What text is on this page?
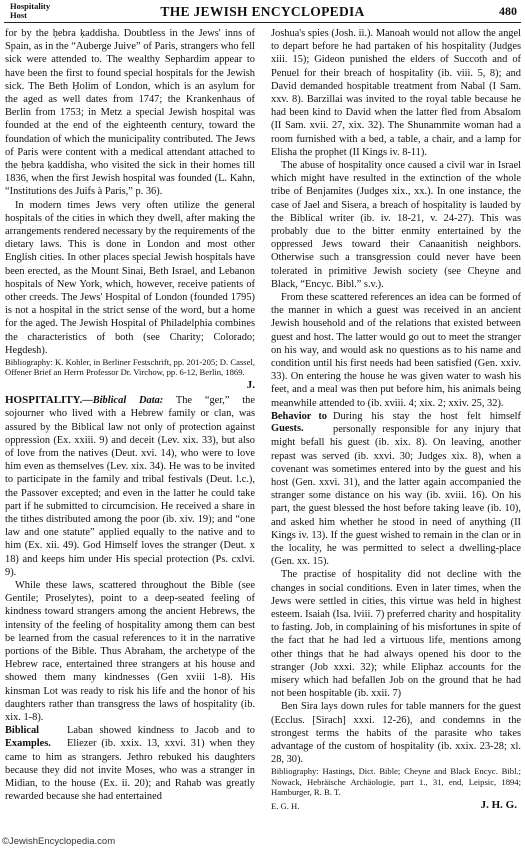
Hospitality Host	THE JEWISH ENCYCLOPEDIA	480

for by the ḥebra ḳaddisha. Doubtless in the Jews' inns of Spain, as in the “Auberge Juive” of Paris, strangers who fell sick were attended to. The wealthy Sephardim appear to have been the first to found special hospitals for the Jewish sick. The Beth Ḥolim of London, which is an asylum for the aged as well dates from 1747; the Krankenhaus of Berlin from 1753; in Metz a special Jewish hospital was founded at the end of the eighteenth century, toward the foundation of which the municipality contributed. The Jews of Paris were content with a medical attendant attached to the ḥebra ḳaddisha, who visited the sick in their homes till 1836, when the first Jewish hospital was founded (L. Kahn, “Institutions des Juifs à Paris,” p. 36).

In modern times Jews very often utilize the general hospitals of the cities in which they dwell, after making the arrangements rendered necessary by the requirements of the dietary laws. This is done in London and most other English cities. In other places special Jewish hospitals have been erected, as the Mount Sinai, Beth Israel, and Lebanon hospitals of New York, which, however, receive patients of other creeds. The Jews' Hospital of London (founded 1795) is not a hospital in the strict sense of the word, but a home for the aged. The Jewish Hospital of Philadelphia combines the characteristics of both (see Charity; Colorado; Hegdesh).

Bibliography: K. Kohler, in Berliner Festschrift, pp. 201-205; D. Cassel, Offener Brief an Herrn Professor Dr. Virchow, pp. 6-12, Berlin, 1869.

J.

HOSPITALITY.—Biblical Data: The “ger,” the sojourner who lived with a Hebrew family or clan, was assured by the Biblical law not only of protection against oppression (Ex. xxiii. 9) and deceit (Lev. xix. 33), but also of love from the natives (Deut. xvi. 14), who were to love him even as themselves (Lev. xix. 34). He was to be invited to participate in the family and tribal festivals (Deut. l.c.), the Passover excepted; and even in the latter he could take part if he submitted to circumcision. He received a share in the tithes distributed among the poor (ib. xiv. 19); and “one law and one statute” applied equally to the native and to him (Ex. xii. 49). God Himself loves the stranger (Deut. x 18) and keeps him under His special protection (Ps. cxlvi. 9).

While these laws, scattered throughout the Bible (see Gentile; Proselytes), point to a deep-seated feeling of kindness toward strangers among the ancient Hebrews, the intensity of the feeling of hospitality among them can best be learned from the casual references to it in the narrative portions of the Bible. Thus Abraham, the archetype of the Hebrew race, entertained three strangers at his house and showed them many kindnesses (Gen xviii 1-8). His kinsman Lot was ready to risk his life and the honor of his daughters rather than transgress the laws of hospitality (ib. xix. 1-8).

Biblical Examples.
Laban showed kindness to Jacob and to Eliezer (ib. xxix. 13, xxvi. 31) when they came to him as strangers. Jethro rebuked his daughters because they did not invite Moses, who was a stranger in Midian, to the house (Ex. ii. 20); and Rahab was greatly rewarded because she had entertained

Joshua's spies (Josh. ii.). Manoah would not allow the angel to depart before he had partaken of his hospitality (Judges xiii. 15); Gideon punished the elders of Succoth and of Penuel for their breach of hospitality (ib. viii. 5, 8); and David demanded hospitable treatment from Nabal (I Sam. xxv. 8). Barzillai was invited to the royal table because he had been kind to David when the latter fled from Absalom (II Sam. xvii. 27, xix. 32). The Shunammite woman had a room furnished with a bed, a table, a chair, and a lamp for Elisha the prophet (II Kings iv. 8-11).

The abuse of hospitality once caused a civil war in Israel which might have resulted in the extinction of the whole tribe of Benjamites (Judges xix., xx.). In one instance, the case of Jael and Sisera, a breach of hospitality is lauded by the Biblical writer (ib. iv. 18-21, v. 24-27). This was probably due to the bitter enmity entertained by the oppressed Jews toward their Canaanitish neighbors. Otherwise such a transgression could never have been tolerated in primitive Jewish society (see Cheyne and Black, “Encyc. Bibl.” s.v.).

From these scattered references an idea can be formed of the manner in which a guest was received in an ancient Jewish household and of the relations that existed between guest and host. The latter would go out to meet the stranger on his way, and would ask no questions as to his name and condition until his first needs had been satisfied (Gen. xxiv. 33). On entering the house he was given water to wash his feet, and a meal was then put before him, his animals being meanwhile attended to (ib. xviii. 4; xix. 2; xxiv. 25, 32).

Behavior to Guests.
During his stay the host felt himself personally responsible for any injury that might befall his guest (ib. xix. 8). On leaving, another repast was served (ib. xxvi. 30; Judges xix. 8), when a covenant was sometimes entered into by the guest and his host (Gen. xxvi. 31), and the latter again accompanied the stranger some distance on his way (ib. xviii. 16). On his part, the guest blessed the host before taking leave (ib. 10), and asked him whether he stood in need of anything (II Kings iv. 13). If the guest wished to remain in the clan or in the locality, he was permitted to select a dwelling-place (Gen. xx. 15).

The practise of hospitality did not decline with the changes in social conditions. Even in later times, when the Jews were settled in cities, this virtue was held in highest esteem. Isaiah (Isa. lviii. 7) preferred charity and hospitality to fasting. Job, in complaining of his misfortunes in spite of the fact that he had led a virtuous life, mentions among other things that he had always opened his door to the stranger (Job xxxi. 32); while Eliphaz accounts for the misery which had befallen Job on the ground that he had not been hospitable (ib. xxii. 7)

Ben Sira lays down rules for table manners for the guest (Ecclus. [Sirach] xxxi. 12-26), and condemns in the strongest terms the habits of the parasite who takes advantage of the custom of hospitality (ib. xxix. 23-28; xl. 28, 30).

Bibliography: Hastings, Dict. Bible; Cheyne and Black Encyc. Bibl.; Nowack, Hebräische Archäologie, part 1., 31, end, Leipsic, 1894; Hamburger, R. B. T.

E. G. H.	J. H. G.
©JewishEncyclopedia.com
